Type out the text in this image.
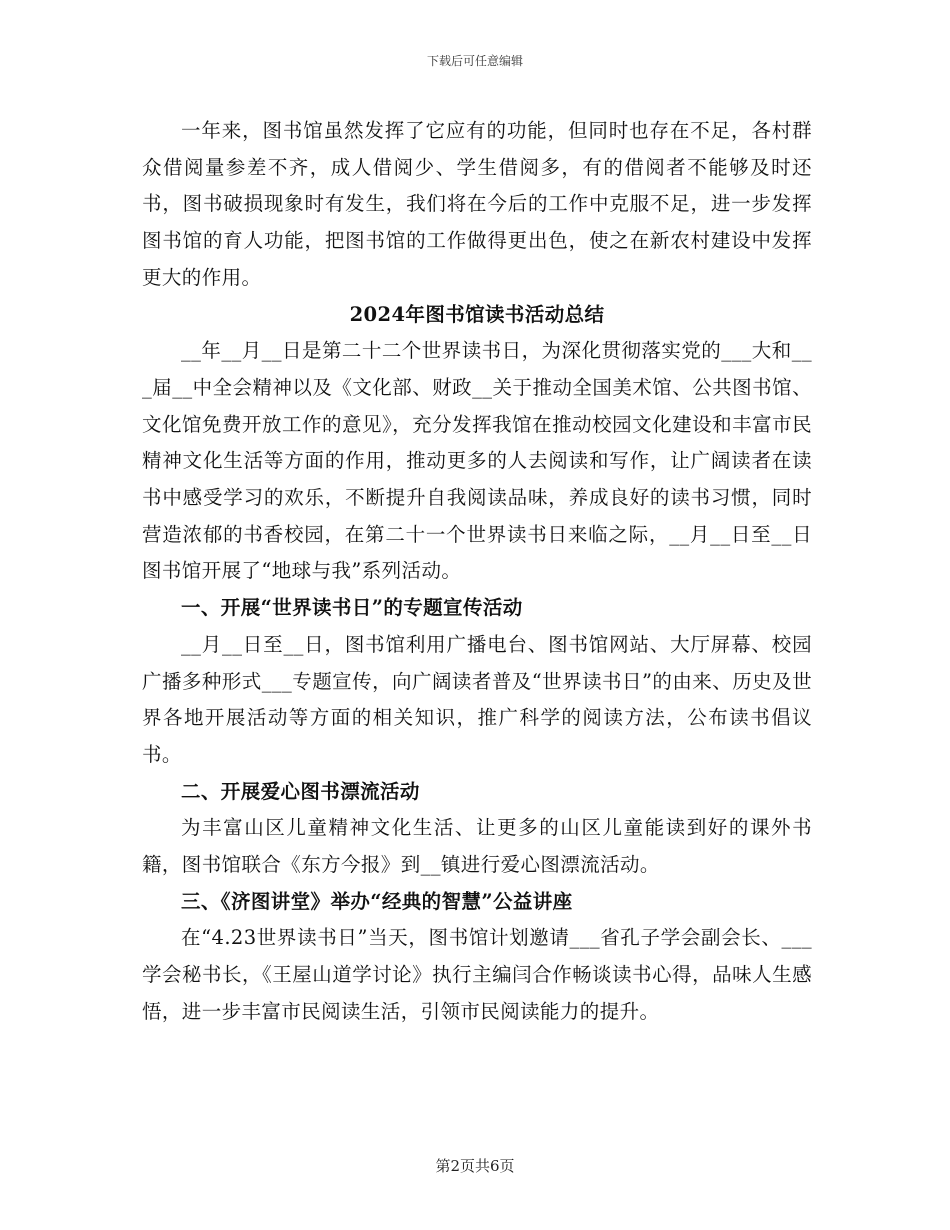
下载后可任意编辑

一年来，图书馆虽然发挥了它应有的功能，但同时也存在不足，各村群众借阅量参差不齐，成人借阅少、学生借阅多，有的借阅者不能够及时还书，图书破损现象时有发生，我们将在今后的工作中克服不足，进一步发挥图书馆的育人功能，把图书馆的工作做得更出色，使之在新农村建设中发挥更大的作用。

2024年图书馆读书活动总结

__年__月__日是第二十二个世界读书日，为深化贯彻落实党的___大和___届__中全会精神以及《文化部、财政__关于推动全国美术馆、公共图书馆、文化馆免费开放工作的意见》，充分发挥我馆在推动校园文化建设和丰富市民精神文化生活等方面的作用，推动更多的人去阅读和写作，让广阔读者在读书中感受学习的欢乐，不断提升自我阅读品味，养成良好的读书习惯，同时营造浓郁的书香校园，在第二十一个世界读书日来临之际，__月__日至__日图书馆开展了“地球与我”系列活动。

一、开展“世界读书日”的专题宣传活动

__月__日至__日，图书馆利用广播电台、图书馆网站、大厅屏幕、校园广播多种形式___专题宣传，向广阔读者普及“世界读书日”的由来、历史及世界各地开展活动等方面的相关知识，推广科学的阅读方法，公布读书倡议书。

二、开展爱心图书漂流活动

为丰富山区儿童精神文化生活、让更多的山区儿童能读到好的课外书籍，图书馆联合《东方今报》到__镇进行爱心图漂流活动。

三、《济图讲堂》举办“经典的智慧”公益讲座

在“4.23世界读书日”当天，图书馆计划邀请___省孔子学会副会长、___学会秘书长，《王屋山道学讨论》执行主编闫合作畅谈读书心得，品味人生感悟，进一步丰富市民阅读生活，引领市民阅读能力的提升。

第2页共6页
